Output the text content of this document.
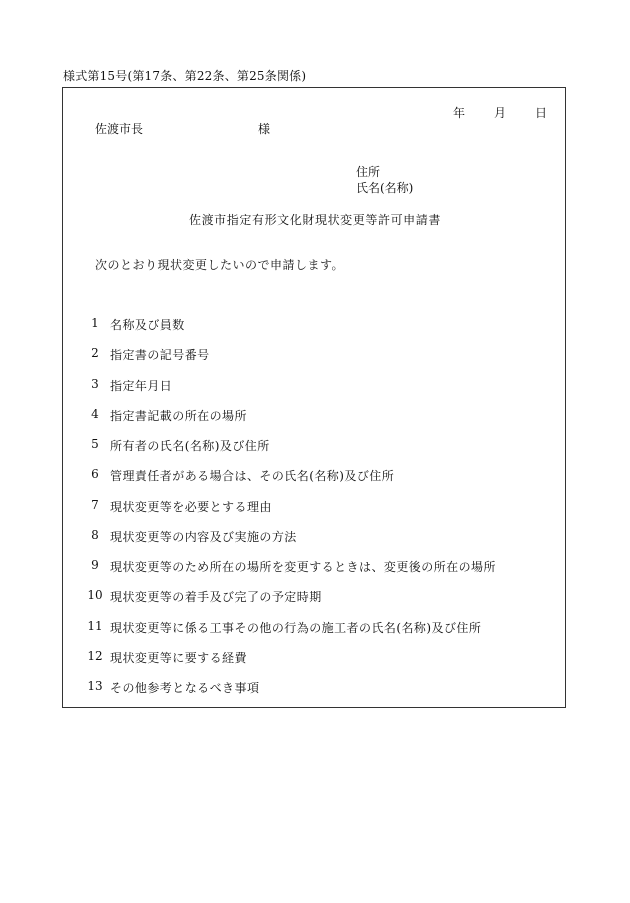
様式第15号(第17条、第22条、第25条関係)
年 月 日
佐渡市長	様
住所
氏名(名称)
佐渡市指定有形文化財現状変更等許可申請書
次のとおり現状変更したいので申請します。
1 名称及び員数
2 指定書の記号番号
3 指定年月日
4 指定書記載の所在の場所
5 所有者の氏名(名称)及び住所
6 管理責任者がある場合は、その氏名(名称)及び住所
7 現状変更等を必要とする理由
8 現状変更等の内容及び実施の方法
9 現状変更等のため所在の場所を変更するときは、変更後の所在の場所
10 現状変更等の着手及び完了の予定時期
11 現状変更等に係る工事その他の行為の施工者の氏名(名称)及び住所
12 現状変更等に要する経費
13 その他参考となるべき事項
